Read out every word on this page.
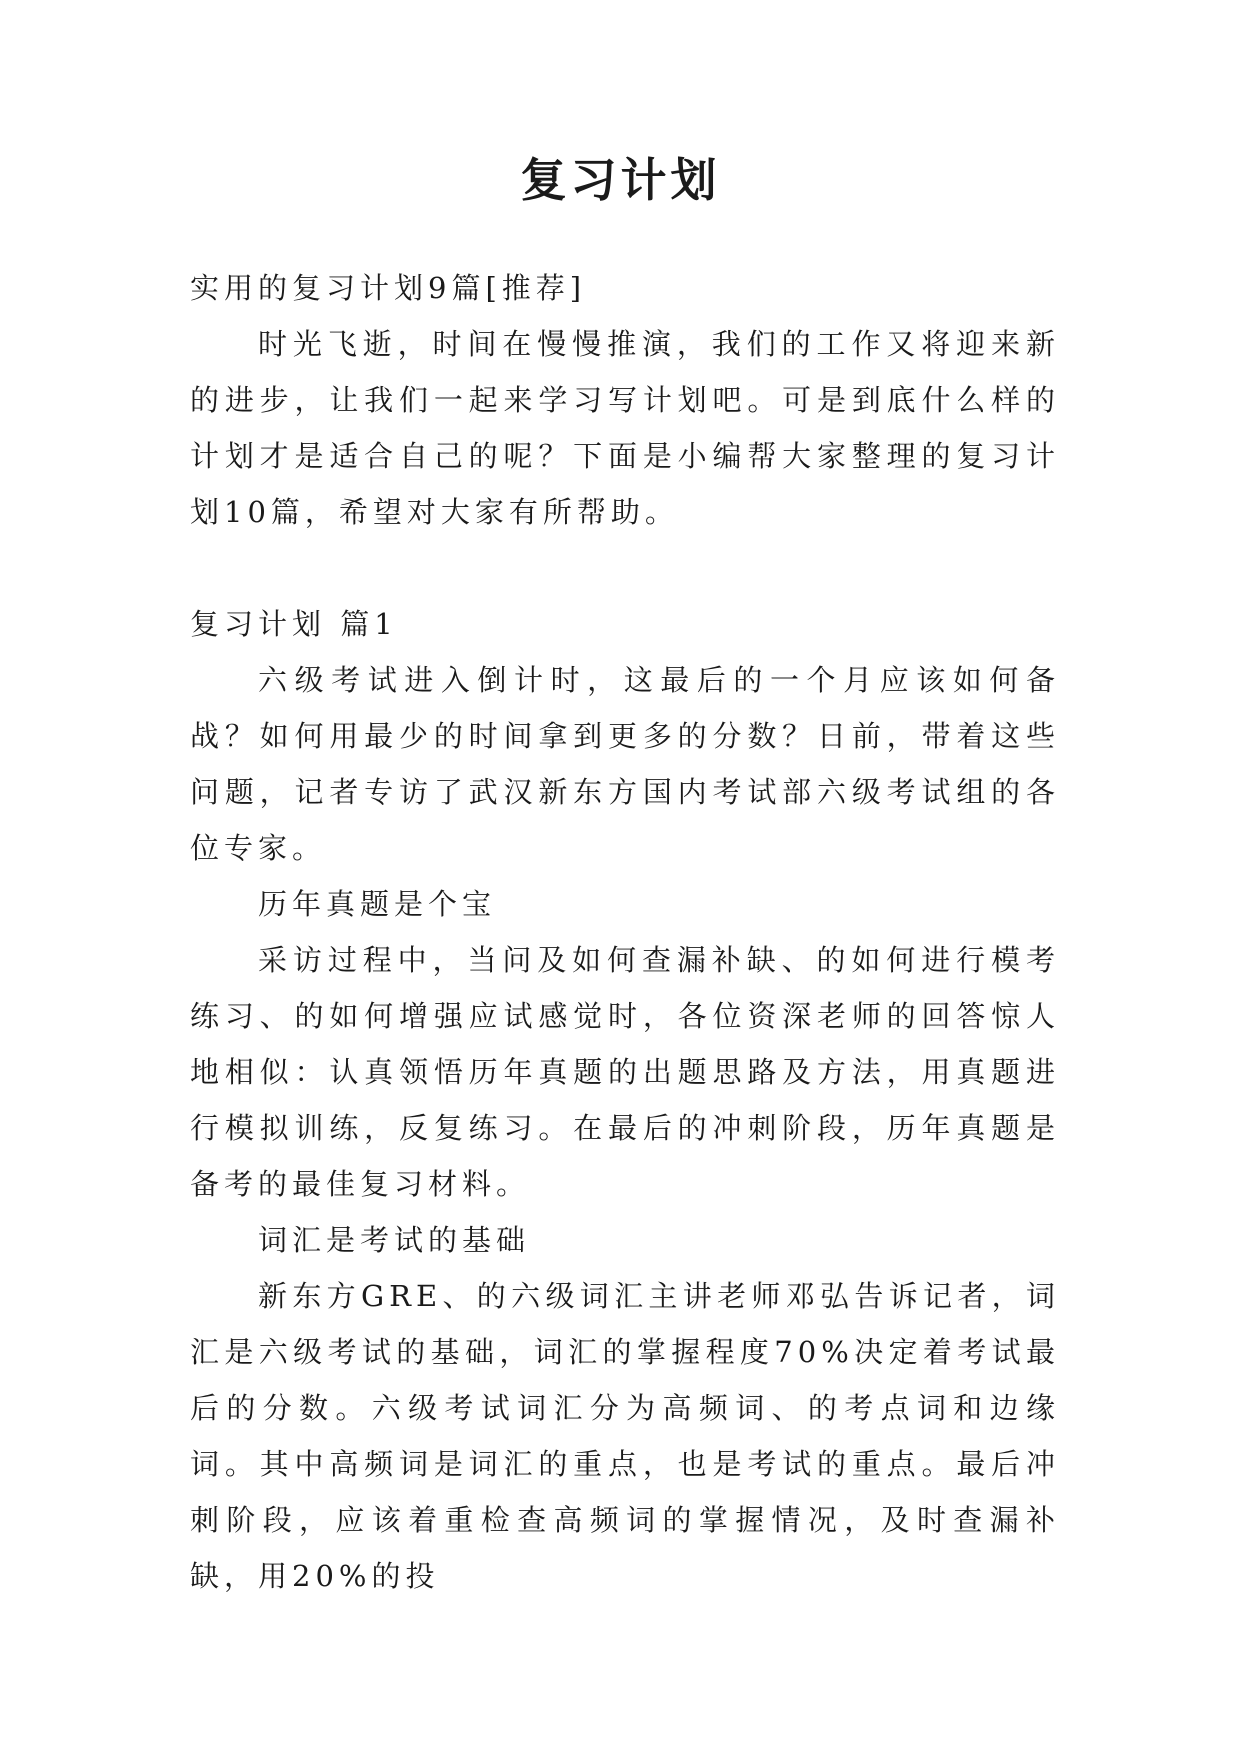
复习计划

实用的复习计划9篇[推荐]

时光飞逝，时间在慢慢推演，我们的工作又将迎来新的进步，让我们一起来学习写计划吧。可是到底什么样的计划才是适合自己的呢？下面是小编帮大家整理的复习计划10篇，希望对大家有所帮助。

复习计划 篇1

六级考试进入倒计时，这最后的一个月应该如何备战？如何用最少的时间拿到更多的分数？日前，带着这些问题，记者专访了武汉新东方国内考试部六级考试组的各位专家。

历年真题是个宝

采访过程中，当问及如何查漏补缺、的如何进行模考练习、的如何增强应试感觉时，各位资深老师的回答惊人地相似：认真领悟历年真题的出题思路及方法，用真题进行模拟训练，反复练习。在最后的冲刺阶段，历年真题是备考的最佳复习材料。

词汇是考试的基础

新东方GRE、的六级词汇主讲老师邓弘告诉记者，词汇是六级考试的基础，词汇的掌握程度70%决定着考试最后的分数。六级考试词汇分为高频词、的考点词和边缘词。其中高频词是词汇的重点，也是考试的重点。最后冲刺阶段，应该着重检查高频词的掌握情况，及时查漏补缺，用20%的投
